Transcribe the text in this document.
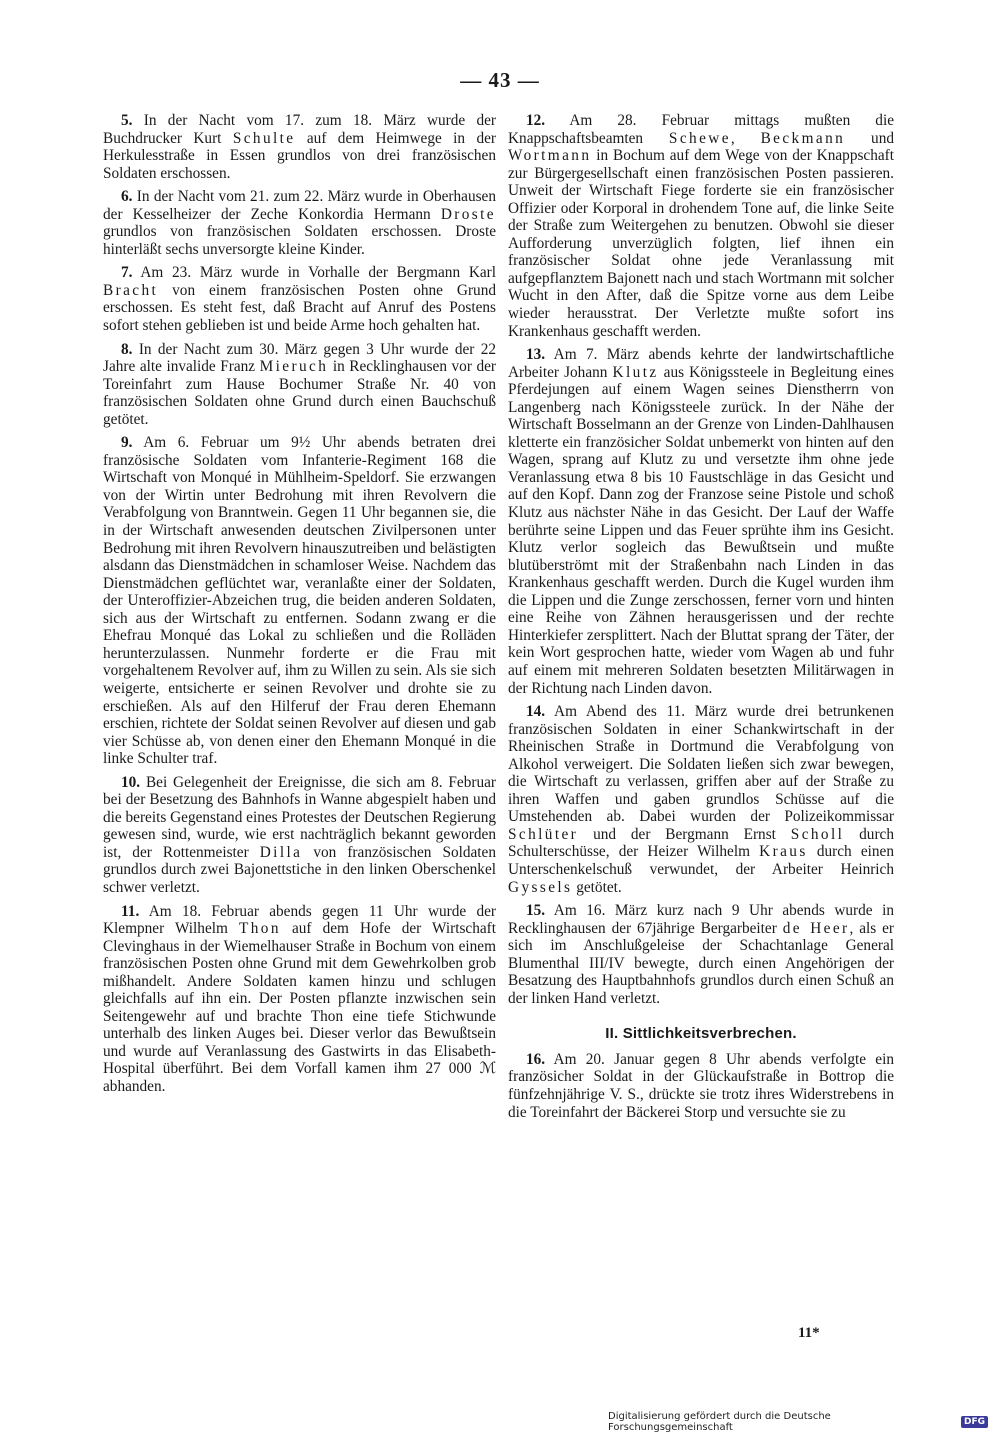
— 43 —

5. In der Nacht vom 17. zum 18. März wurde der Buchdrucker Kurt Schulte auf dem Heimwege in der Herkulesstraße in Essen grundlos von drei französischen Soldaten erschossen.

6. In der Nacht vom 21. zum 22. März wurde in Oberhausen der Kesselheizer der Zeche Konkordia Hermann Droste grundlos von französischen Soldaten erschossen. Droste hinterläßt sechs unversorgte kleine Kinder.

7. Am 23. März wurde in Vorhalle der Bergmann Karl Bracht von einem französischen Posten ohne Grund erschossen. Es steht fest, daß Bracht auf Anruf des Postens sofort stehen geblieben ist und beide Arme hoch gehalten hat.

8. In der Nacht zum 30. März gegen 3 Uhr wurde der 22 Jahre alte invalide Franz Mieruch in Recklinghausen vor der Toreinfahrt zum Hause Bochumer Straße Nr. 40 von französischen Soldaten ohne Grund durch einen Bauchschuß getötet.

9. Am 6. Februar um 9½ Uhr abends betraten drei französische Soldaten vom Infanterie-Regiment 168 die Wirtschaft von Monqué in Mühlheim-Speldorf. Sie erzwangen von der Wirtin unter Bedrohung mit ihren Revolvern die Verabfolgung von Branntwein. Gegen 11 Uhr begannen sie, die in der Wirtschaft anwesenden deutschen Zivilpersonen unter Bedrohung mit ihren Revolvern hinauszutreiben und belästigten alsdann das Dienstmädchen in schamloser Weise. Nachdem das Dienstmädchen geflüchtet war, veranlaßte einer der Soldaten, der Unteroffizier-Abzeichen trug, die beiden anderen Soldaten, sich aus der Wirtschaft zu entfernen. Sodann zwang er die Ehefrau Monqué das Lokal zu schließen und die Rolläden herunterzulassen. Nunmehr forderte er die Frau mit vorgehaltenem Revolver auf, ihm zu Willen zu sein. Als sie sich weigerte, entsicherte er seinen Revolver und drohte sie zu erschießen. Als auf den Hilferuf der Frau deren Ehemann erschien, richtete der Soldat seinen Revolver auf diesen und gab vier Schüsse ab, von denen einer den Ehemann Monqué in die linke Schulter traf.

10. Bei Gelegenheit der Ereignisse, die sich am 8. Februar bei der Besetzung des Bahnhofs in Wanne abgespielt haben und die bereits Gegenstand eines Protestes der Deutschen Regierung gewesen sind, wurde, wie erst nachträglich bekannt geworden ist, der Rottenmeister Dilla von französischen Soldaten grundlos durch zwei Bajonettstiche in den linken Oberschenkel schwer verletzt.

11. Am 18. Februar abends gegen 11 Uhr wurde der Klempner Wilhelm Thon auf dem Hofe der Wirtschaft Clevinghaus in der Wiemelhauser Straße in Bochum von einem französischen Posten ohne Grund mit dem Gewehrkolben grob mißhandelt. Andere Soldaten kamen hinzu und schlugen gleichfalls auf ihn ein. Der Posten pflanzte inzwischen sein Seitengewehr auf und brachte Thon eine tiefe Stichwunde unterhalb des linken Auges bei. Dieser verlor das Bewußtsein und wurde auf Veranlassung des Gastwirts in das Elisabeth-Hospital überführt. Bei dem Vorfall kamen ihm 27 000 ℳ abhanden.

12. Am 28. Februar mittags mußten die Knappschaftsbeamten Schewe, Beckmann und Wortmann in Bochum auf dem Wege von der Knappschaft zur Bürgergesellschaft einen französischen Posten passieren. Unweit der Wirtschaft Fiege forderte sie ein französischer Offizier oder Korporal in drohendem Tone auf, die linke Seite der Straße zum Weitergehen zu benutzen. Obwohl sie dieser Aufforderung unverzüglich folgten, lief ihnen ein französischer Soldat ohne jede Veranlassung mit aufgepflanztem Bajonett nach und stach Wortmann mit solcher Wucht in den After, daß die Spitze vorne aus dem Leibe wieder herausstrat. Der Verletzte mußte sofort ins Krankenhaus geschafft werden.

13. Am 7. März abends kehrte der landwirtschaftliche Arbeiter Johann Klutz aus Königssteele in Begleitung eines Pferdejungen auf einem Wagen seines Dienstherrn von Langenberg nach Königssteele zurück. In der Nähe der Wirtschaft Bosselmann an der Grenze von Linden-Dahlhausen kletterte ein französicher Soldat unbemerkt von hinten auf den Wagen, sprang auf Klutz zu und versetzte ihm ohne jede Veranlassung etwa 8 bis 10 Faustschläge in das Gesicht und auf den Kopf. Dann zog der Franzose seine Pistole und schoß Klutz aus nächster Nähe in das Gesicht. Der Lauf der Waffe berührte seine Lippen und das Feuer sprühte ihm ins Gesicht. Klutz verlor sogleich das Bewußtsein und mußte blutüberströmt mit der Straßenbahn nach Linden in das Krankenhaus geschafft werden. Durch die Kugel wurden ihm die Lippen und die Zunge zerschossen, ferner vorn und hinten eine Reihe von Zähnen herausgerissen und der rechte Hinterkiefer zersplittert. Nach der Bluttat sprang der Täter, der kein Wort gesprochen hatte, wieder vom Wagen ab und fuhr auf einem mit mehreren Soldaten besetzten Militärwagen in der Richtung nach Linden davon.

14. Am Abend des 11. März wurde drei betrunkenen französischen Soldaten in einer Schankwirtschaft in der Rheinischen Straße in Dortmund die Verabfolgung von Alkohol verweigert. Die Soldaten ließen sich zwar bewegen, die Wirtschaft zu verlassen, griffen aber auf der Straße zu ihren Waffen und gaben grundlos Schüsse auf die Umstehenden ab. Dabei wurden der Polizeikommissar Schlüter und der Bergmann Ernst Scholl durch Schulterschüsse, der Heizer Wilhelm Kraus durch einen Unterschenkelschuß verwundet, der Arbeiter Heinrich Gyssels getötet.

15. Am 16. März kurz nach 9 Uhr abends wurde in Recklinghausen der 67jährige Bergarbeiter de Heer, als er sich im Anschlußgeleise der Schachtanlage General Blumenthal III/IV bewegte, durch einen Angehörigen der Besatzung des Hauptbahnhofs grundlos durch einen Schuß an der linken Hand verletzt.

II. Sittlichkeitsverbrechen.

16. Am 20. Januar gegen 8 Uhr abends verfolgte ein französicher Soldat in der Glückaufstraße in Bottrop die fünfzehnjährige V. S., drückte sie trotz ihres Widerstrebens in die Toreinfahrt der Bäckerei Storp und versuchte sie zu

11*
Digitalisierung gefördert durch die Deutsche Forschungsgemeinschaft	DFG
